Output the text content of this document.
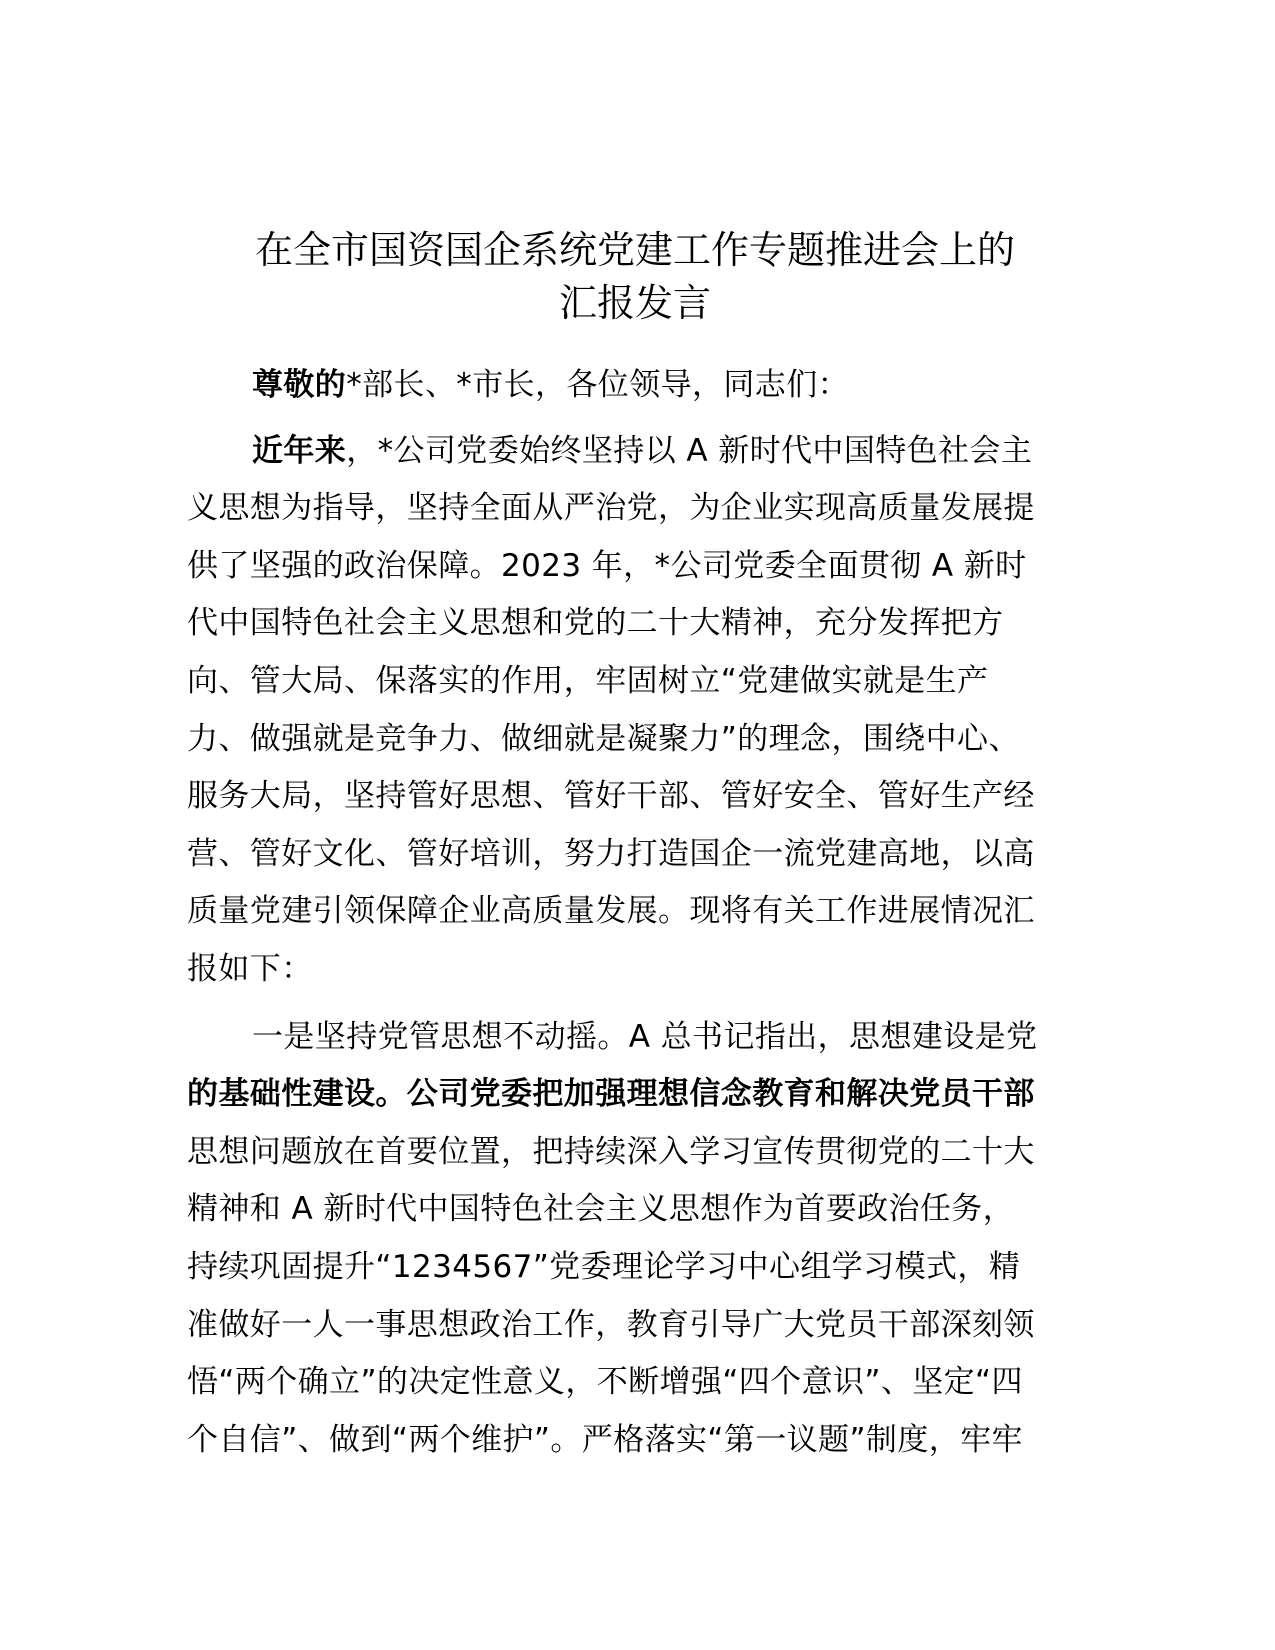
在全市国资国企系统党建工作专题推进会上的
汇报发言

尊敬的*部长、*市长，各位领导，同志们：

近年来，*公司党委始终坚持以 A 新时代中国特色社会主
义思想为指导，坚持全面从严治党，为企业实现高质量发展提
供了坚强的政治保障。2023 年，*公司党委全面贯彻 A 新时
代中国特色社会主义思想和党的二十大精神，充分发挥把方
向、管大局、保落实的作用，牢固树立“党建做实就是生产
力、做强就是竞争力、做细就是凝聚力”的理念，围绕中心、
服务大局，坚持管好思想、管好干部、管好安全、管好生产经
营、管好文化、管好培训，努力打造国企一流党建高地，以高
质量党建引领保障企业高质量发展。现将有关工作进展情况汇
报如下：

一是坚持党管思想不动摇。A 总书记指出，思想建设是党
的基础性建设。公司党委把加强理想信念教育和解决党员干部
思想问题放在首要位置，把持续深入学习宣传贯彻党的二十大
精神和 A 新时代中国特色社会主义思想作为首要政治任务，
持续巩固提升“1234567”党委理论学习中心组学习模式，精
准做好一人一事思想政治工作，教育引导广大党员干部深刻领
悟“两个确立”的决定性意义，不断增强“四个意识”、坚定“四
个自信”、做到“两个维护”。严格落实“第一议题”制度，牢牢
